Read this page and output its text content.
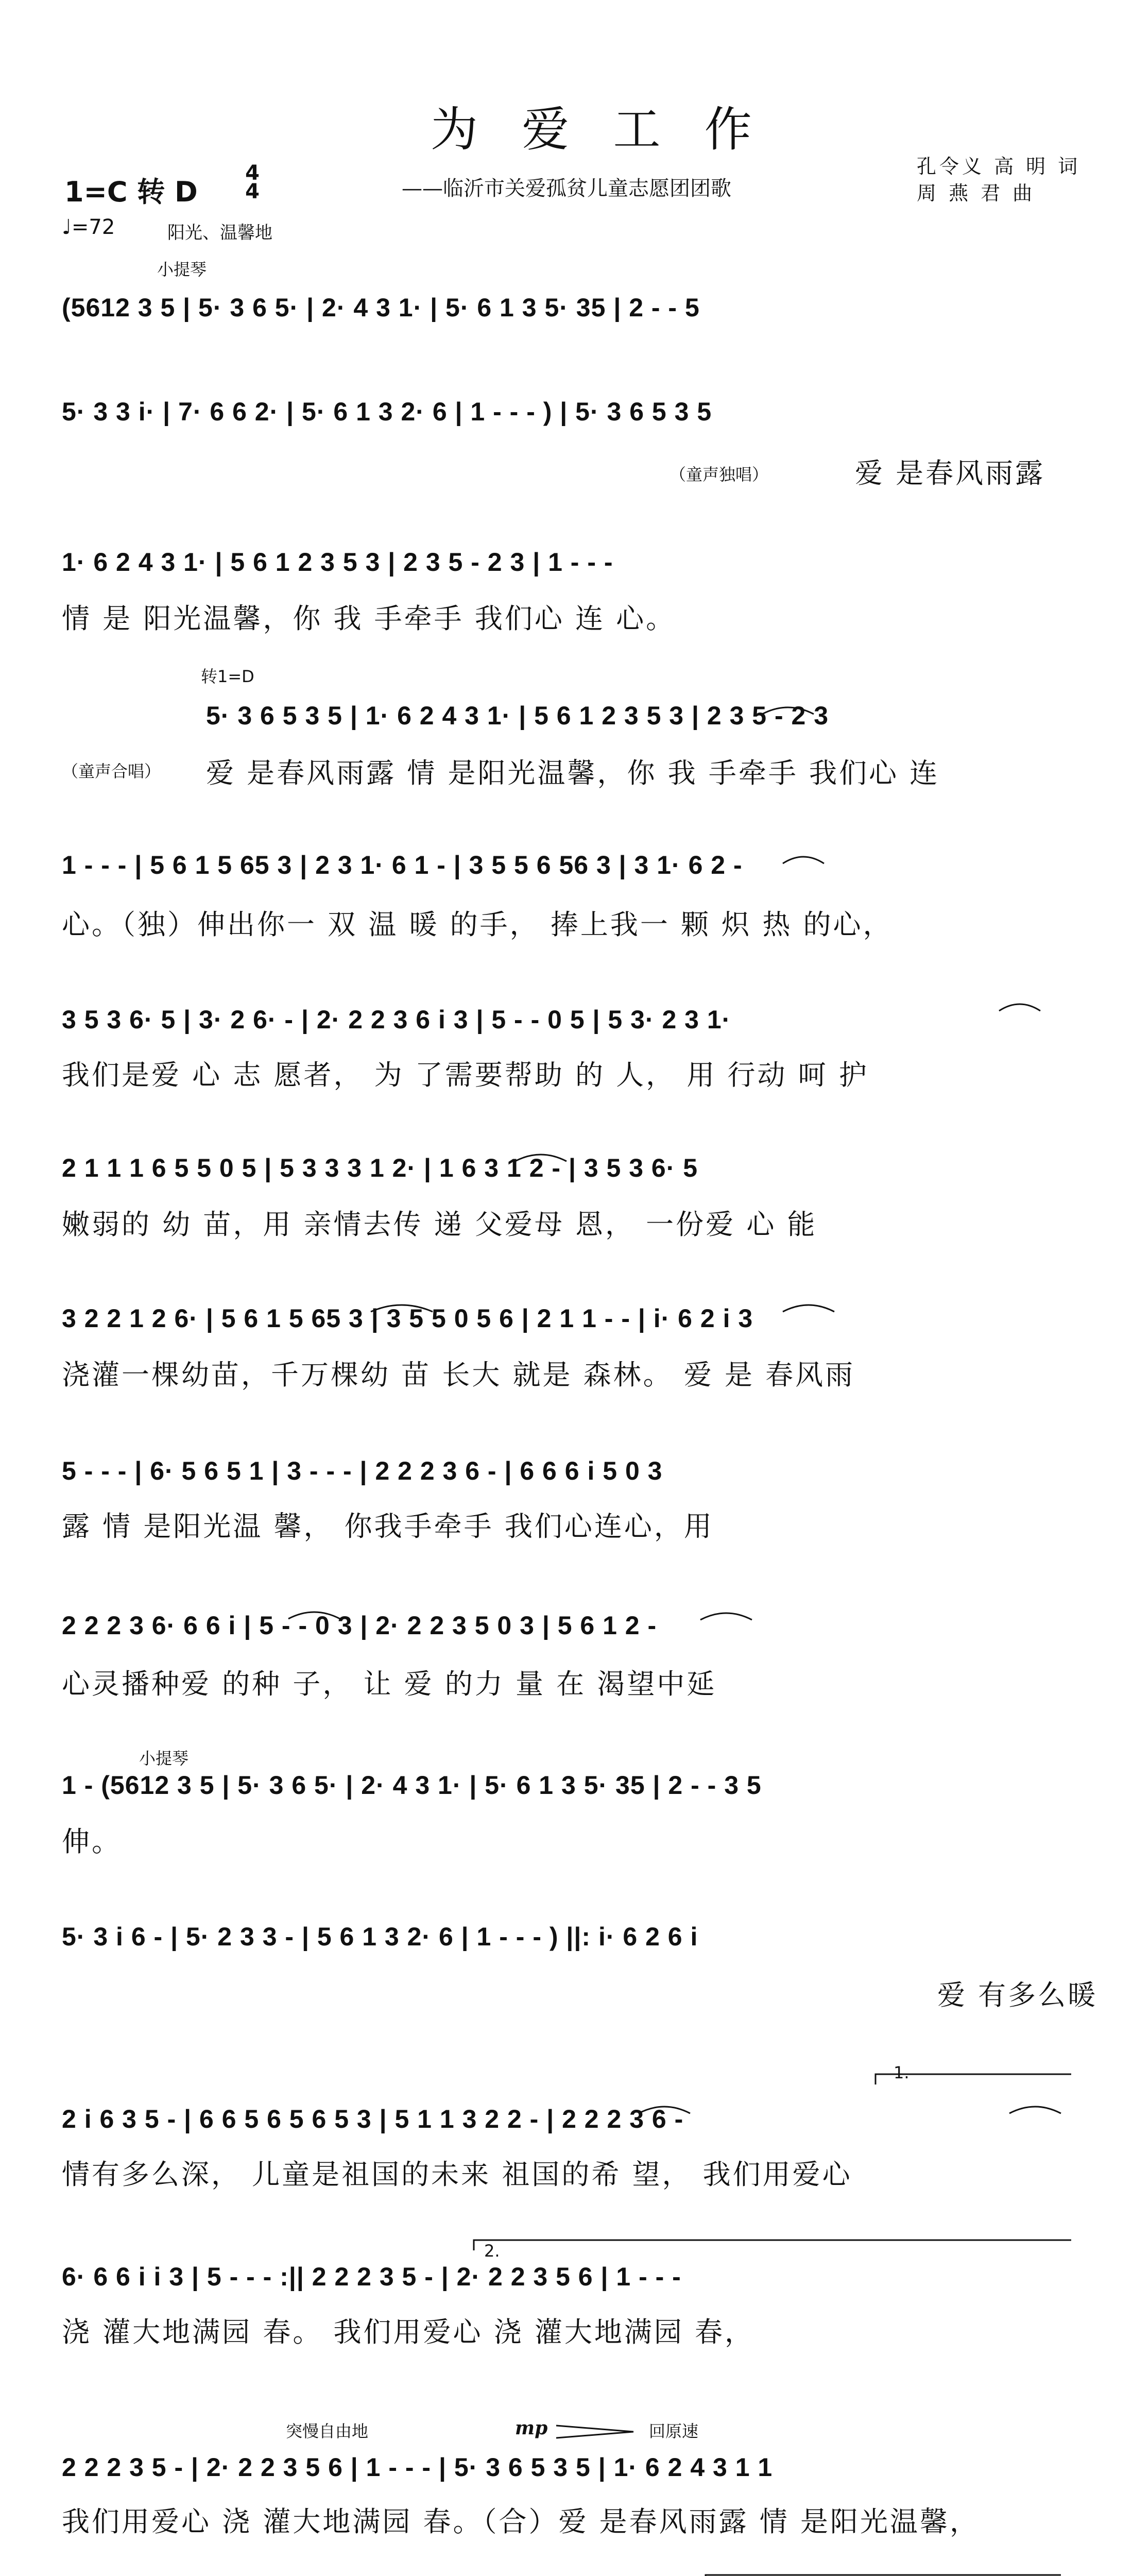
为 爱 工 作
——临沂市关爱孤贫儿童志愿团团歌
孔令义 高 明 词
周 燕 君 曲
1=C 转 D
4
4
♩=72	阳光、温馨地
小提琴
（童声独唱）
转1=D
（童声合唱）
小提琴
1.
2.
突慢自由地	mp	回原速
(5612 3 5 | 5· 3 6 5· | 2· 4 3 1· | 5· 6 1 3 5· 35 | 2 - - 5
5· 3 3 i· | 7· 6 6 2· | 5· 6 1 3 2· 6 | 1 - - - ) | 5· 3 6 5 3 5
爱 是春风雨露
1· 6 2 4 3 1· | 5 6 1 2 3 5 3 | 2 3 5 - 2 3 | 1 - - -
情 是 阳光温馨，你 我 手牵手 我们心 连 心。
5· 3 6 5 3 5 | 1· 6 2 4 3 1· | 5 6 1 2 3 5 3 | 2 3 5 - 2 3
爱 是春风雨露 情 是阳光温馨，你 我 手牵手 我们心 连
1 - - - | 5 6 1 5 65 3 | 2 3 1· 6 1 - | 3 5 5 6 56 3 | 3 1· 6 2 -
心。（独）伸出你一 双 温 暖 的手， 捧上我一 颗 炽 热 的心，
3 5 3 6· 5 | 3· 2 6· - | 2· 2 2 3 6 i 3 | 5 - - 0 5 | 5 3· 2 3 1·
我们是爱 心 志 愿者， 为 了需要帮助 的 人， 用 行动 呵 护
2 1 1 1 6 5 5 0 5 | 5 3 3 3 1 2· | 1 6 3 1 2 - | 3 5 3 6· 5
嫩弱的 幼 苗，用 亲情去传 递 父爱母 恩， 一份爱 心 能
3 2 2 1 2 6· | 5 6 1 5 65 3 | 3 5 5 0 5 6 | 2 1 1 - - | i· 6 2 i 3
浇灌一棵幼苗，千万棵幼 苗 长大 就是 森林。 爱 是 春风雨
5 - - - | 6· 5 6 5 1 | 3 - - - | 2 2 2 3 6 - | 6 6 6 i 5 0 3
露 情 是阳光温 馨， 你我手牵手 我们心连心，用
2 2 2 3 6· 6 6 i | 5 - - 0 3 | 2· 2 2 3 5 0 3 | 5 6 1 2 -
心灵播种爱 的种 子， 让 爱 的力 量 在 渴望中延
1 - (5612 3 5 | 5· 3 6 5· | 2· 4 3 1· | 5· 6 1 3 5· 35 | 2 - - 3 5
伸。
5· 3 i 6 - | 5· 2 3 3 - | 5 6 1 3 2· 6 | 1 - - - ) ||: i· 6 2 6 i
爱 有多么暖
2 i 6 3 5 - | 6 6 5 6 5 6 5 3 | 5 1 1 3 2 2 - | 2 2 2 3 6 -
情有多么深， 儿童是祖国的未来 祖国的希 望， 我们用爱心
6· 6 6 i i 3 | 5 - - - :|| 2 2 2 3 5 - | 2· 2 2 3 5 6 | 1 - - -
浇 灌大地满园 春。 我们用爱心 浇 灌大地满园 春，
2 2 2 3 5 - | 2· 2 2 3 5 6 | 1 - - - | 5· 3 6 5 3 5 | 1· 6 2 4 3 1 1
我们用爱心 浇 灌大地满园 春。（合）爱 是春风雨露 情 是阳光温馨，
